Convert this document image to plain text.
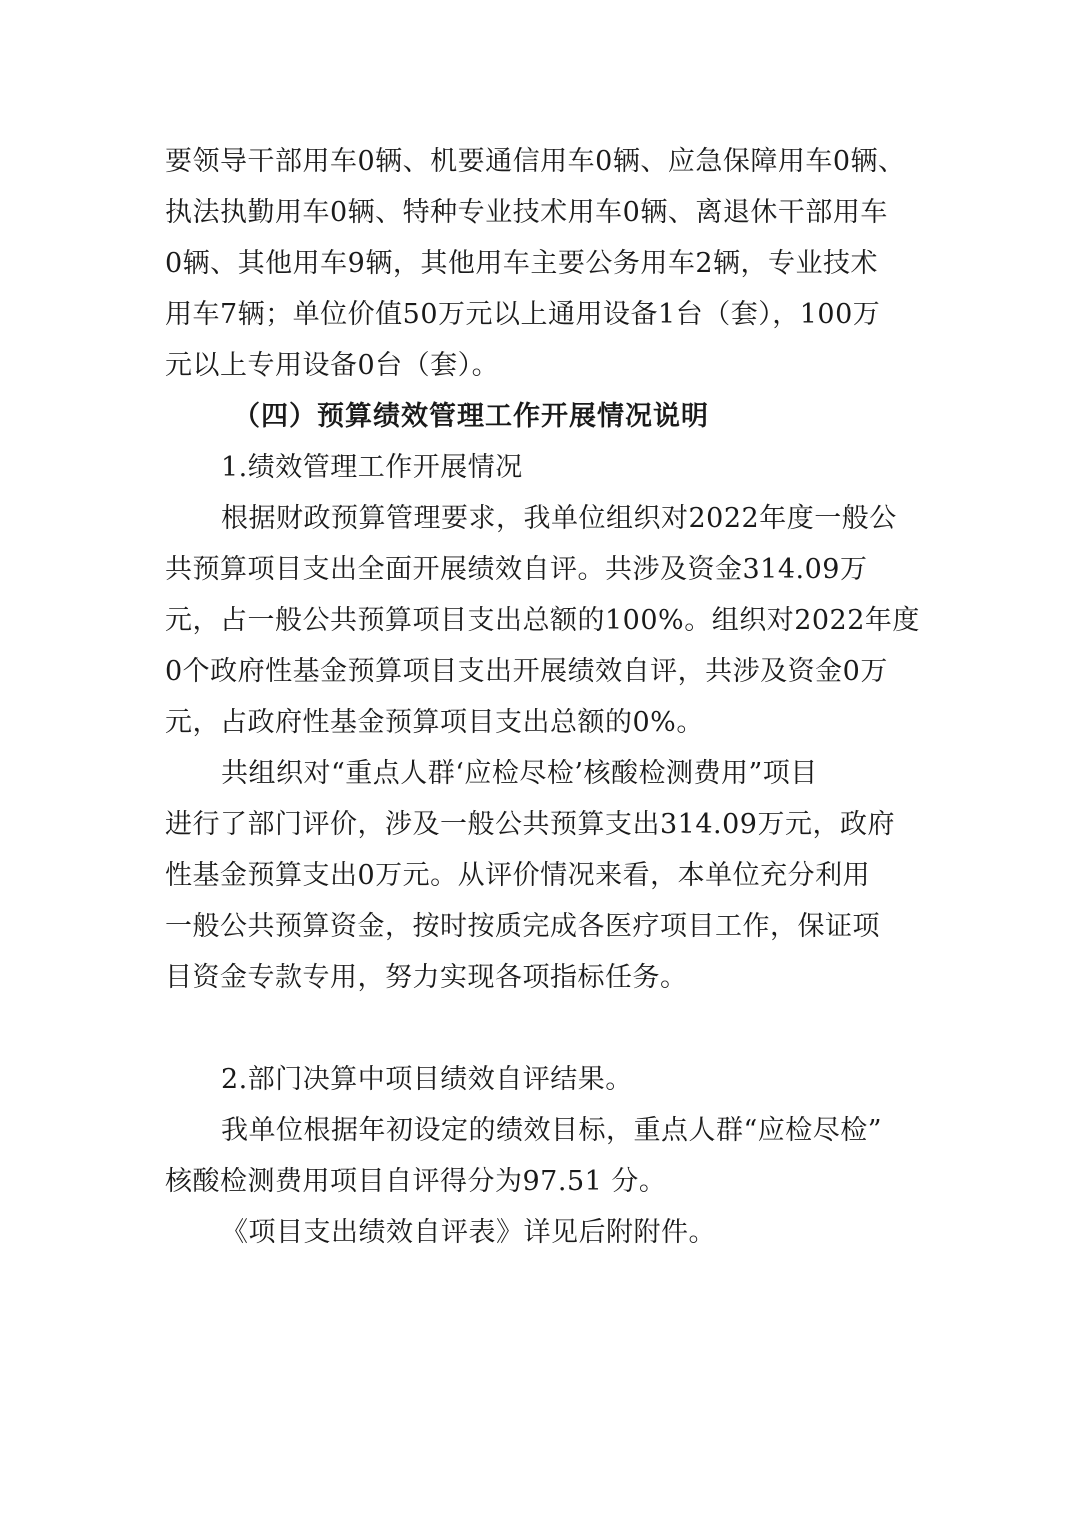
要领导干部用车0辆、机要通信用车0辆、应急保障用车0辆、
执法执勤用车0辆、特种专业技术用车0辆、离退休干部用车
0辆、其他用车9辆，其他用车主要公务用车2辆，专业技术
用车7辆；单位价值50万元以上通用设备1台（套），100万
元以上专用设备0台（套）。
（四）预算绩效管理工作开展情况说明
1.绩效管理工作开展情况
根据财政预算管理要求，我单位组织对2022年度一般公
共预算项目支出全面开展绩效自评。共涉及资金314.09万
元，占一般公共预算项目支出总额的100%。组织对2022年度
0个政府性基金预算项目支出开展绩效自评，共涉及资金0万
元，占政府性基金预算项目支出总额的0%。
共组织对“重点人群‘应检尽检’核酸检测费用”项目
进行了部门评价，涉及一般公共预算支出314.09万元，政府
性基金预算支出0万元。从评价情况来看，本单位充分利用
一般公共预算资金，按时按质完成各医疗项目工作，保证项
目资金专款专用，努力实现各项指标任务。
2.部门决算中项目绩效自评结果。
我单位根据年初设定的绩效目标，重点人群“应检尽检”
核酸检测费用项目自评得分为97.51 分。
《项目支出绩效自评表》详见后附附件。
